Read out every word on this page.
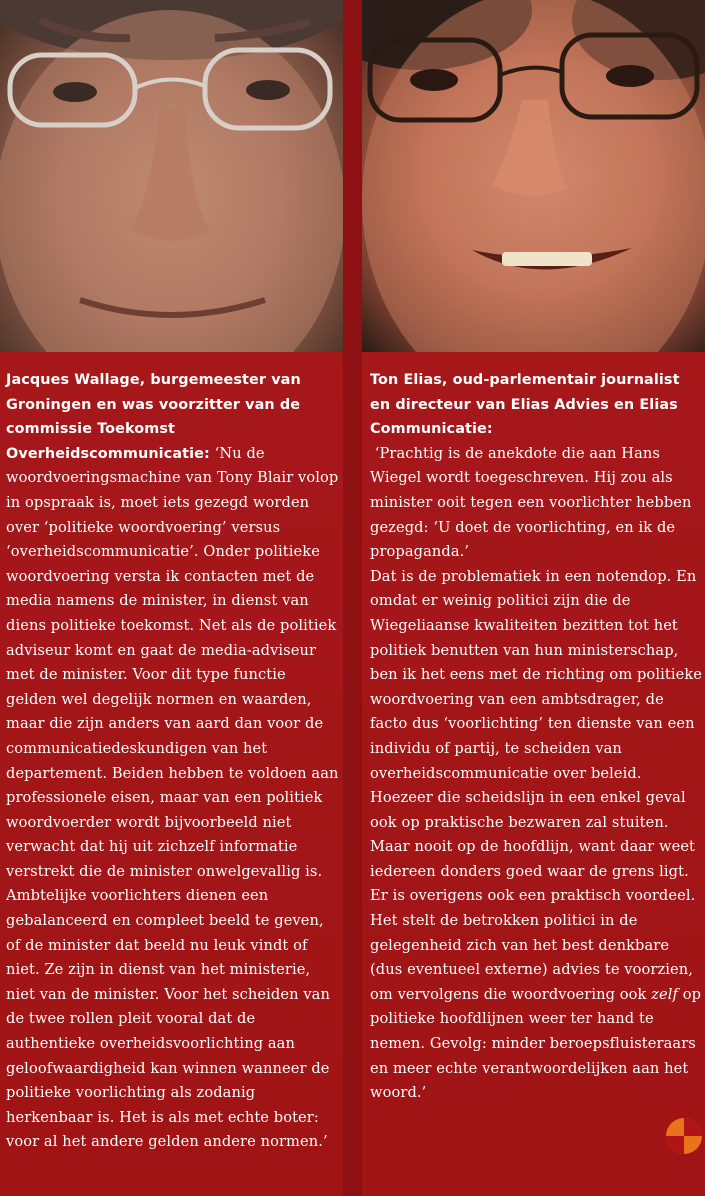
Jacques Wallage, burgemeester van Groningen en was voorzitter van de commissie Toekomst Overheidscommunicatie: ‘Nu de woordvoeringsmachine van Tony Blair volop in opspraak is, moet iets gezegd worden over ‘politieke woordvoering’ versus ‘overheidscommunicatie’. Onder politieke woordvoering versta ik contacten met de media namens de minister, in dienst van diens politieke toekomst. Net als de politiek adviseur komt en gaat de media-adviseur met de minister. Voor dit type functie gelden wel degelijk normen en waarden, maar die zijn anders van aard dan voor de communicatiedeskundigen van het departement. Beiden hebben te voldoen aan professionele eisen, maar van een politiek woordvoerder wordt bijvoorbeeld niet verwacht dat hij uit zichzelf informatie verstrekt die de minister onwelgevallig is. Ambtelijke voorlichters dienen een gebalanceerd en compleet beeld te geven, of de minister dat beeld nu leuk vindt of niet. Ze zijn in dienst van het ministerie, niet van de minister. Voor het scheiden van de twee rollen pleit vooral dat de authentieke overheidsvoorlichting aan geloofwaardigheid kan winnen wanneer de politieke voorlichting als zodanig herkenbaar is. Het is als met echte boter: voor al het andere gelden andere normen.’

Ton Elias, oud-parlementair journalist en directeur van Elias Advies en Elias Communicatie:

‘Prachtig is de anekdote die aan Hans Wiegel wordt toegeschreven. Hij zou als minister ooit tegen een voorlichter hebben gezegd: ‘U doet de voorlichting, en ik de propaganda.’

Dat is de problematiek in een notendop. En omdat er weinig politici zijn die de Wiegeliaanse kwaliteiten bezitten tot het politiek benutten van hun ministerschap, ben ik het eens met de richting om politieke woordvoering van een ambtsdrager, de facto dus ‘voorlichting’ ten dienste van een individu of partij, te scheiden van overheidscommunicatie over beleid. Hoezeer die scheidslijn in een enkel geval ook op praktische bezwaren zal stuiten. Maar nooit op de hoofdlijn, want daar weet iedereen donders goed waar de grens ligt. Er is overigens ook een praktisch voordeel. Het stelt de betrokken politici in de gelegenheid zich van het best denkbare (dus eventueel externe) advies te voorzien, om vervolgens die woordvoering ook zelf op politieke hoofdlijnen weer ter hand te nemen. Gevolg: minder beroepsfluisteraars en meer echte verantwoordelijken aan het woord.’
